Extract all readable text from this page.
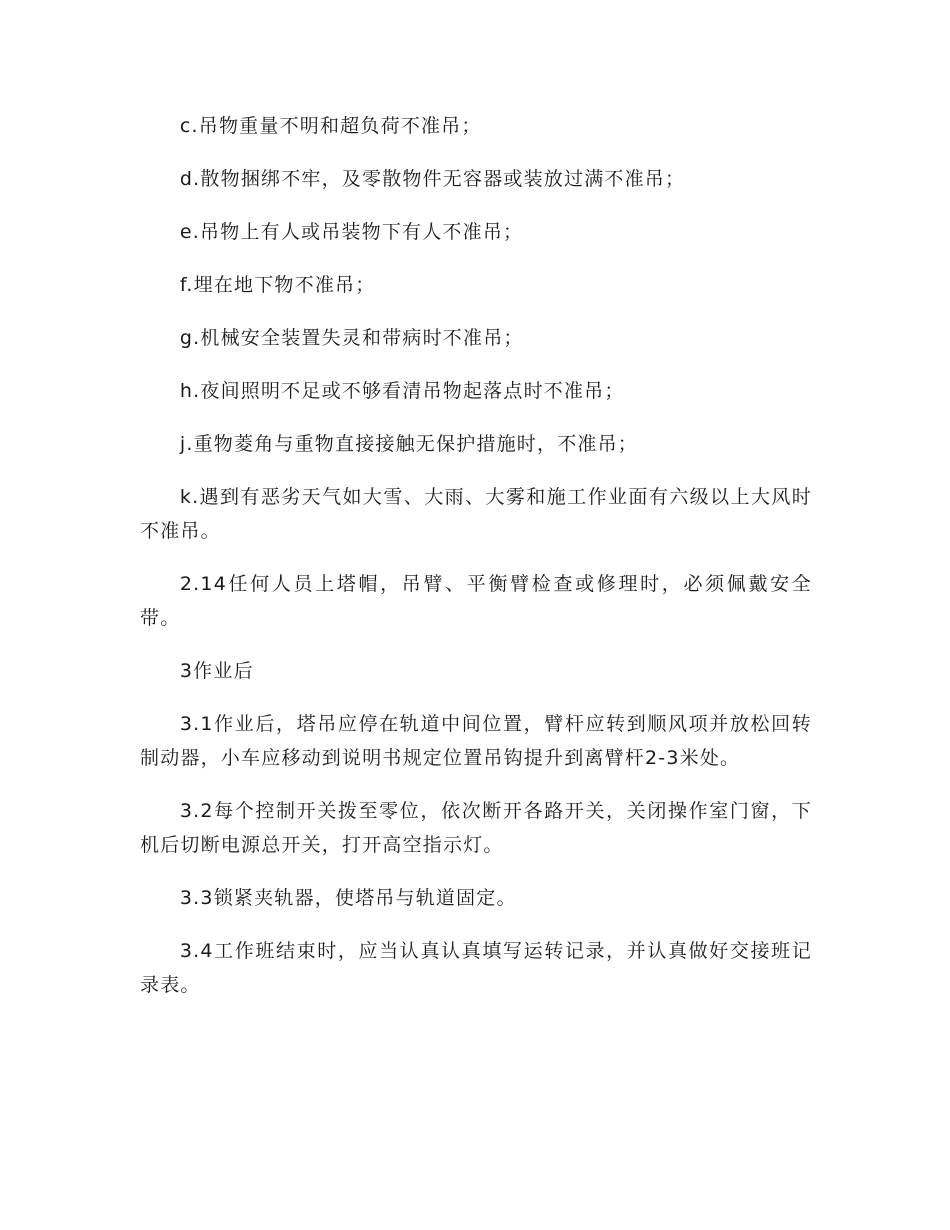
c.吊物重量不明和超负荷不准吊；

d.散物捆绑不牢，及零散物件无容器或装放过满不准吊；

e.吊物上有人或吊装物下有人不准吊；

f.埋在地下物不准吊；

g.机械安全装置失灵和带病时不准吊；

h.夜间照明不足或不够看清吊物起落点时不准吊；

j.重物菱角与重物直接接触无保护措施时，不准吊；

k.遇到有恶劣天气如大雪、大雨、大雾和施工作业面有六级以上大风时不准吊。

2.14任何人员上塔帽，吊臂、平衡臂检查或修理时，必须佩戴安全带。

3作业后

3.1作业后，塔吊应停在轨道中间位置，臂杆应转到顺风项并放松回转制动器，小车应移动到说明书规定位置吊钩提升到离臂杆2-3米处。

3.2每个控制开关拨至零位，依次断开各路开关，关闭操作室门窗，下机后切断电源总开关，打开高空指示灯。

3.3锁紧夹轨器，使塔吊与轨道固定。

3.4工作班结束时，应当认真认真填写运转记录，并认真做好交接班记录表。
